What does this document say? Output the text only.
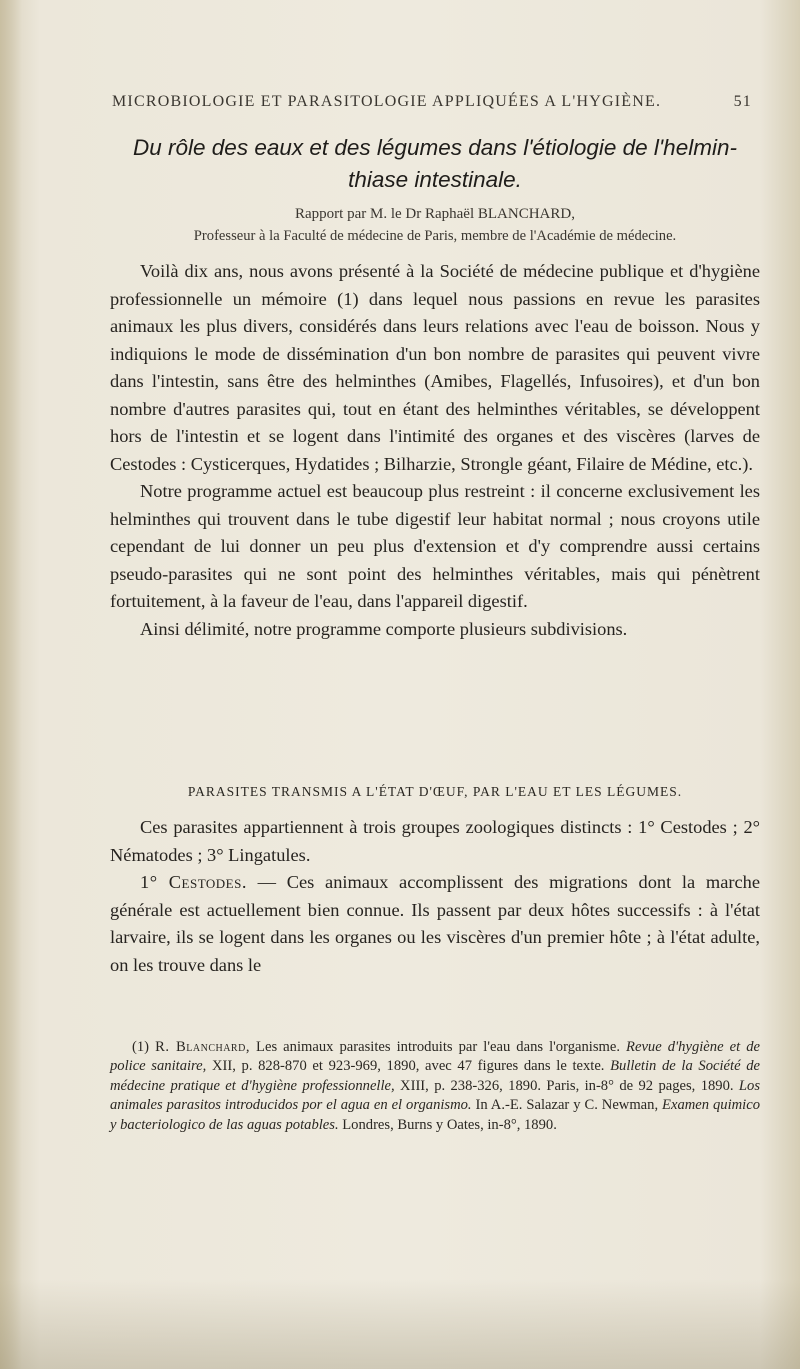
MICROBIOLOGIE ET PARASITOLOGIE APPLIQUÉES A L'HYGIÈNE.	51
Du rôle des eaux et des légumes dans l'étiologie de l'helmin-thiase intestinale.
Rapport par M. le Dr Raphaël BLANCHARD,
Professeur à la Faculté de médecine de Paris, membre de l'Académie de médecine.

Voilà dix ans, nous avons présenté à la Société de médecine publique et d'hygiène professionnelle un mémoire (1) dans lequel nous passions en revue les parasites animaux les plus divers, considérés dans leurs relations avec l'eau de boisson. Nous y indiquions le mode de dissémination d'un bon nombre de parasites qui peuvent vivre dans l'intestin, sans être des helminthes (Amibes, Flagellés, Infusoires), et d'un bon nombre d'autres parasites qui, tout en étant des helminthes véritables, se développent hors de l'intestin et se logent dans l'intimité des organes et des viscères (larves de Cestodes : Cysticerques, Hydatides ; Bilharzie, Strongle géant, Filaire de Médine, etc.).

Notre programme actuel est beaucoup plus restreint : il concerne exclusivement les helminthes qui trouvent dans le tube digestif leur habitat normal ; nous croyons utile cependant de lui donner un peu plus d'extension et d'y comprendre aussi certains pseudo-parasites qui ne sont point des helminthes véritables, mais qui pénètrent fortuitement, à la faveur de l'eau, dans l'appareil digestif.

Ainsi délimité, notre programme comporte plusieurs subdivisions.

PARASITES TRANSMIS A L'ÉTAT D'ŒUF, PAR L'EAU ET LES LÉGUMES.

Ces parasites appartiennent à trois groupes zoologiques distincts : 1° Cestodes ; 2° Nématodes ; 3° Lingatules.

1° Cestodes. — Ces animaux accomplissent des migrations dont la marche générale est actuellement bien connue. Ils passent par deux hôtes successifs : à l'état larvaire, ils se logent dans les organes ou les viscères d'un premier hôte ; à l'état adulte, on les trouve dans le

(1) R. Blanchard, Les animaux parasites introduits par l'eau dans l'organisme. Revue d'hygiène et de police sanitaire, XII, p. 828-870 et 923-969, 1890, avec 47 figures dans le texte. Bulletin de la Société de médecine pratique et d'hygiène professionnelle, XIII, p. 238-326, 1890. Paris, in-8° de 92 pages, 1890. Los animales parasitos introducidos por el agua en el organismo. In A.-E. Salazar y C. Newman, Examen quimico y bacteriologico de las aguas potables. Londres, Burns y Oates, in-8°, 1890.
